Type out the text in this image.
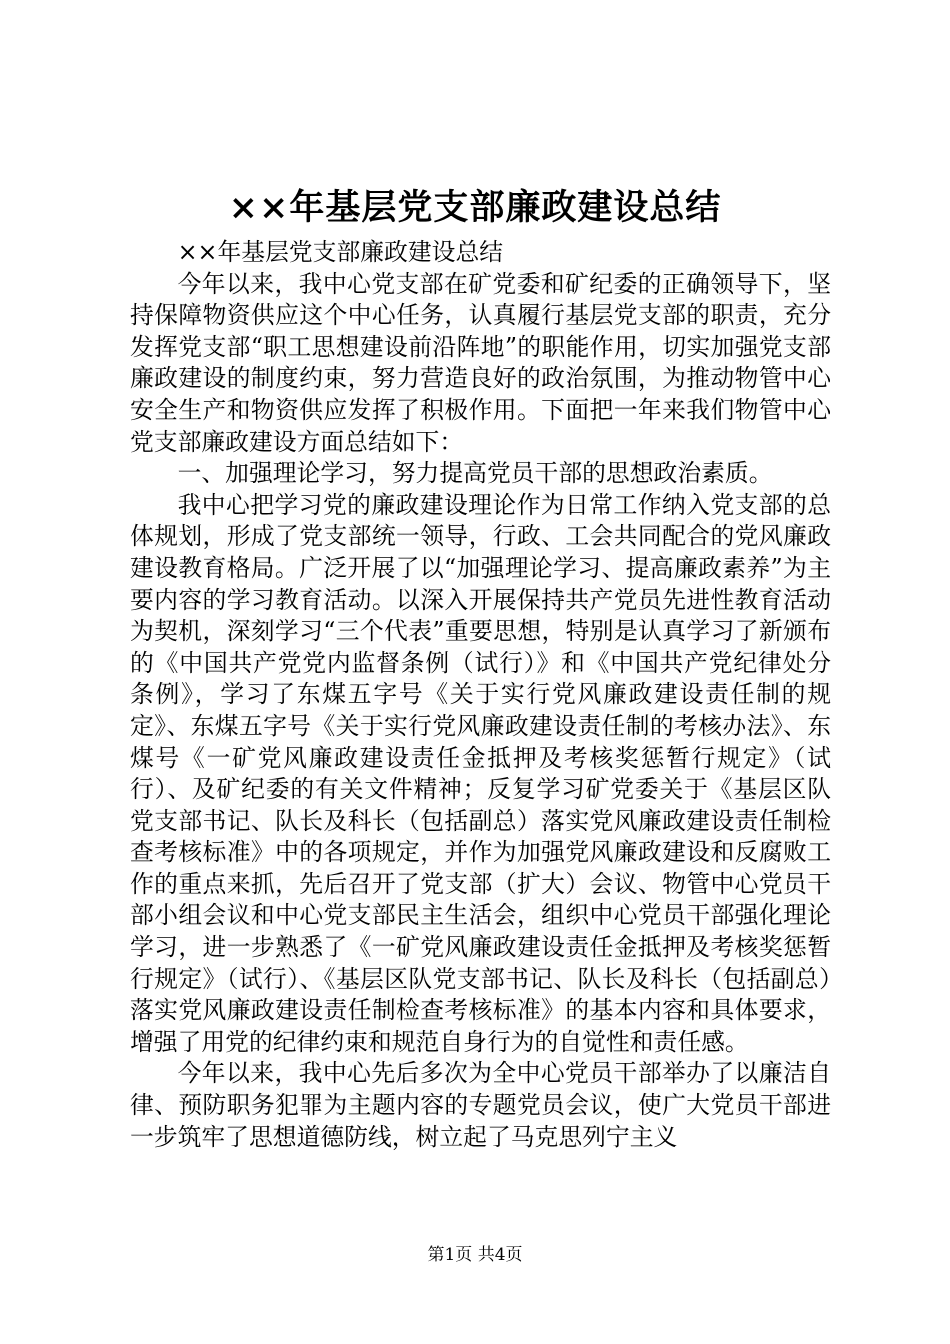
××年基层党支部廉政建设总结

××年基层党支部廉政建设总结

今年以来，我中心党支部在矿党委和矿纪委的正确领导下，坚持保障物资供应这个中心任务，认真履行基层党支部的职责，充分发挥党支部“职工思想建设前沿阵地”的职能作用，切实加强党支部廉政建设的制度约束，努力营造良好的政治氛围，为推动物管中心安全生产和物资供应发挥了积极作用。下面把一年来我们物管中心党支部廉政建设方面总结如下：

一、加强理论学习，努力提高党员干部的思想政治素质。

我中心把学习党的廉政建设理论作为日常工作纳入党支部的总体规划，形成了党支部统一领导，行政、工会共同配合的党风廉政建设教育格局。广泛开展了以“加强理论学习、提高廉政素养”为主要内容的学习教育活动。以深入开展保持共产党员先进性教育活动为契机，深刻学习“三个代表”重要思想，特别是认真学习了新颁布的《中国共产党党内监督条例（试行）》和《中国共产党纪律处分条例》，学习了东煤五字号《关于实行党风廉政建设责任制的规定》、东煤五字号《关于实行党风廉政建设责任制的考核办法》、东煤号《一矿党风廉政建设责任金抵押及考核奖惩暂行规定》（试行）、及矿纪委的有关文件精神；反复学习矿党委关于《基层区队党支部书记、队长及科长（包括副总）落实党风廉政建设责任制检查考核标准》中的各项规定，并作为加强党风廉政建设和反腐败工作的重点来抓，先后召开了党支部（扩大）会议、物管中心党员干部小组会议和中心党支部民主生活会，组织中心党员干部强化理论学习，进一步熟悉了《一矿党风廉政建设责任金抵押及考核奖惩暂行规定》（试行）、《基层区队党支部书记、队长及科长（包括副总）落实党风廉政建设责任制检查考核标准》的基本内容和具体要求，增强了用党的纪律约束和规范自身行为的自觉性和责任感。

今年以来，我中心先后多次为全中心党员干部举办了以廉洁自律、预防职务犯罪为主题内容的专题党员会议，使广大党员干部进一步筑牢了思想道德防线，树立起了马克思列宁主义

第1页 共4页
